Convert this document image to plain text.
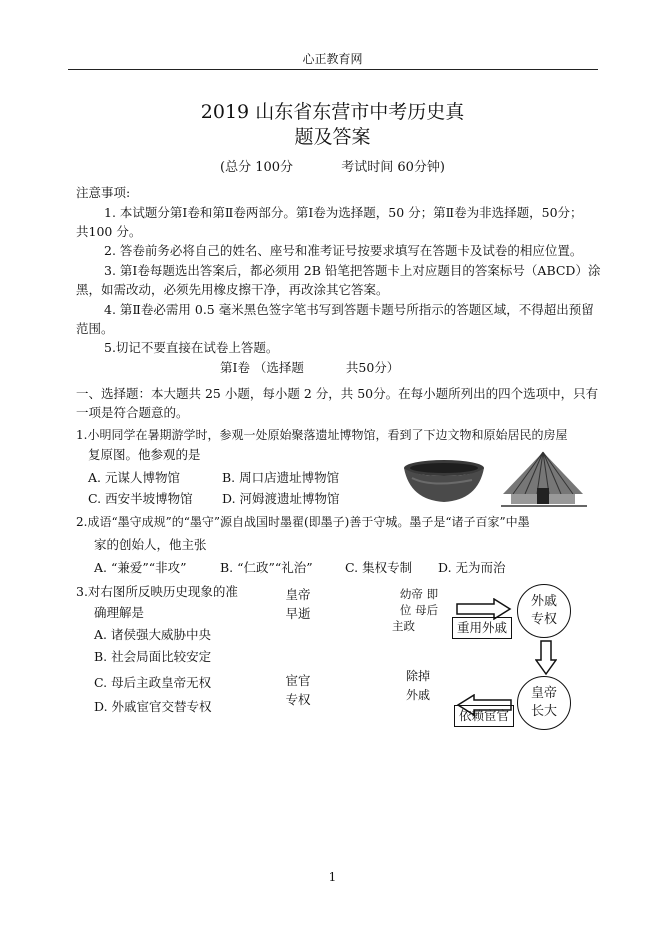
心正教育网
2019 山东省东营市中考历史真
题及答案
(总分 100分	考试时间 60分钟)
注意事项:
1. 本试题分第Ⅰ卷和第Ⅱ卷两部分。第Ⅰ卷为选择题，50 分；第Ⅱ卷为非选择题，50分；
共100 分。
2. 答卷前务必将自己的姓名、座号和准考证号按要求填写在答题卡及试卷的相应位置。
3. 第Ⅰ卷每题选出答案后，都必须用 2B 铅笔把答题卡上对应题目的答案标号（ABCD）涂
黑，如需改动，必须先用橡皮擦干净，再改涂其它答案。
4. 第Ⅱ卷必需用 0.5 毫米黑色签字笔书写到答题卡题号所指示的答题区域，不得超出预留
范围。
5.切记不要直接在试卷上答题。
第Ⅰ卷 （选择题	共50分）
一、选择题：本大题共 25 小题，每小题 2 分，共 50分。在每小题所列出的四个选项中，只有
一项是符合题意的。
1.小明同学在暑期游学时，参观一处原始聚落遗址博物馆，看到了下边文物和原始居民的房屋
复原图。他参观的是
A. 元谋人博物馆	B. 周口店遗址博物馆
C. 西安半坡博物馆 D. 河姆渡遗址博物馆
2.成语“墨守成规”的“墨守”源自战国时墨翟(即墨子)善于守城。墨子是“诸子百家”中墨
家的创始人，他主张
A. “兼爱”“非攻”	B. “仁政”“礼治”	C. 集权专制 D. 无为而治
3.对右图所反映历史现象的准
确理解是
A. 诸侯强大威胁中央
B. 社会局面比较安定
C. 母后主政皇帝无权
D. 外戚宦官交替专权
皇帝
早逝
幼帝 即
位 母后
主政	重用外戚
外戚
专权
皇帝
长大
依赖宦官
除掉
外戚
宦官
专权
1
